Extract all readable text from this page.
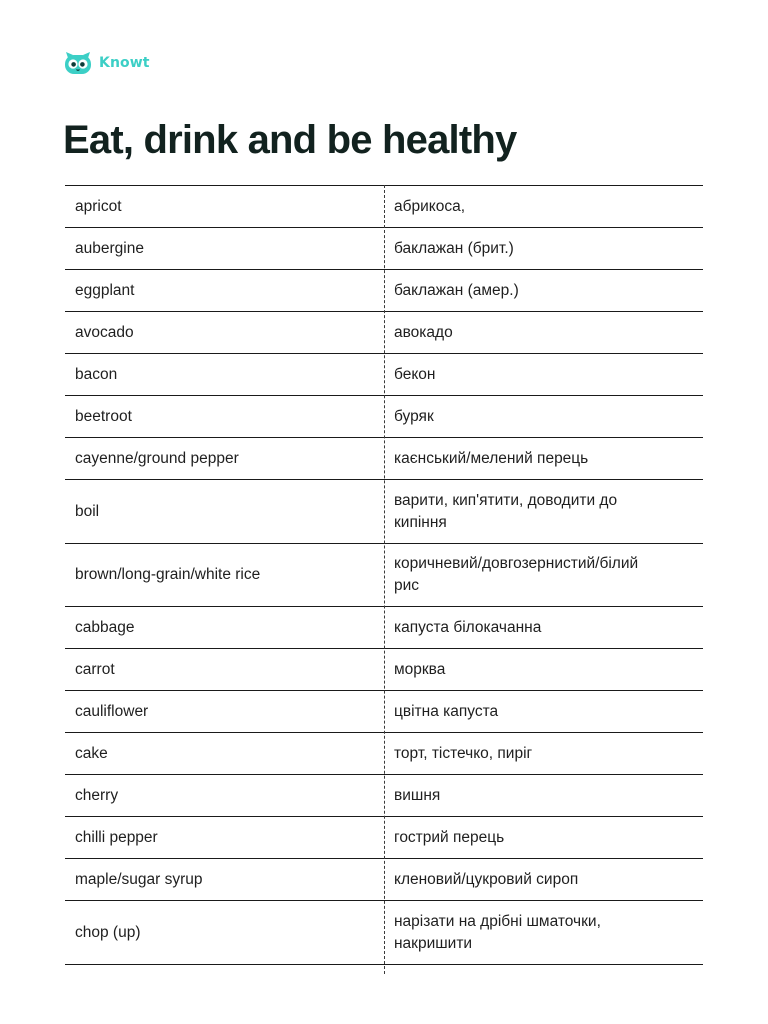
Knowt
Eat, drink and be healthy
apricot	абрикоса,
aubergine	баклажан (брит.)
eggplant	баклажан (амер.)
avocado	авокадо
bacon	бекон
beetroot	буряк
cayenne/ground pepper	каєнський/мелений перець
boil	варити, кип'ятити, доводити до кипіння
brown/long-grain/white rice	коричневий/довгозернистий/білий рис
cabbage	капуста білокачанна
carrot	морква
cauliflower	цвітна капуста
cake	торт, тістечко, пиріг
cherry	вишня
chilli pepper	гострий перець
maple/sugar syrup	кленовий/цукровий сироп
chop (up)	нарізати на дрібні шматочки, накришити
